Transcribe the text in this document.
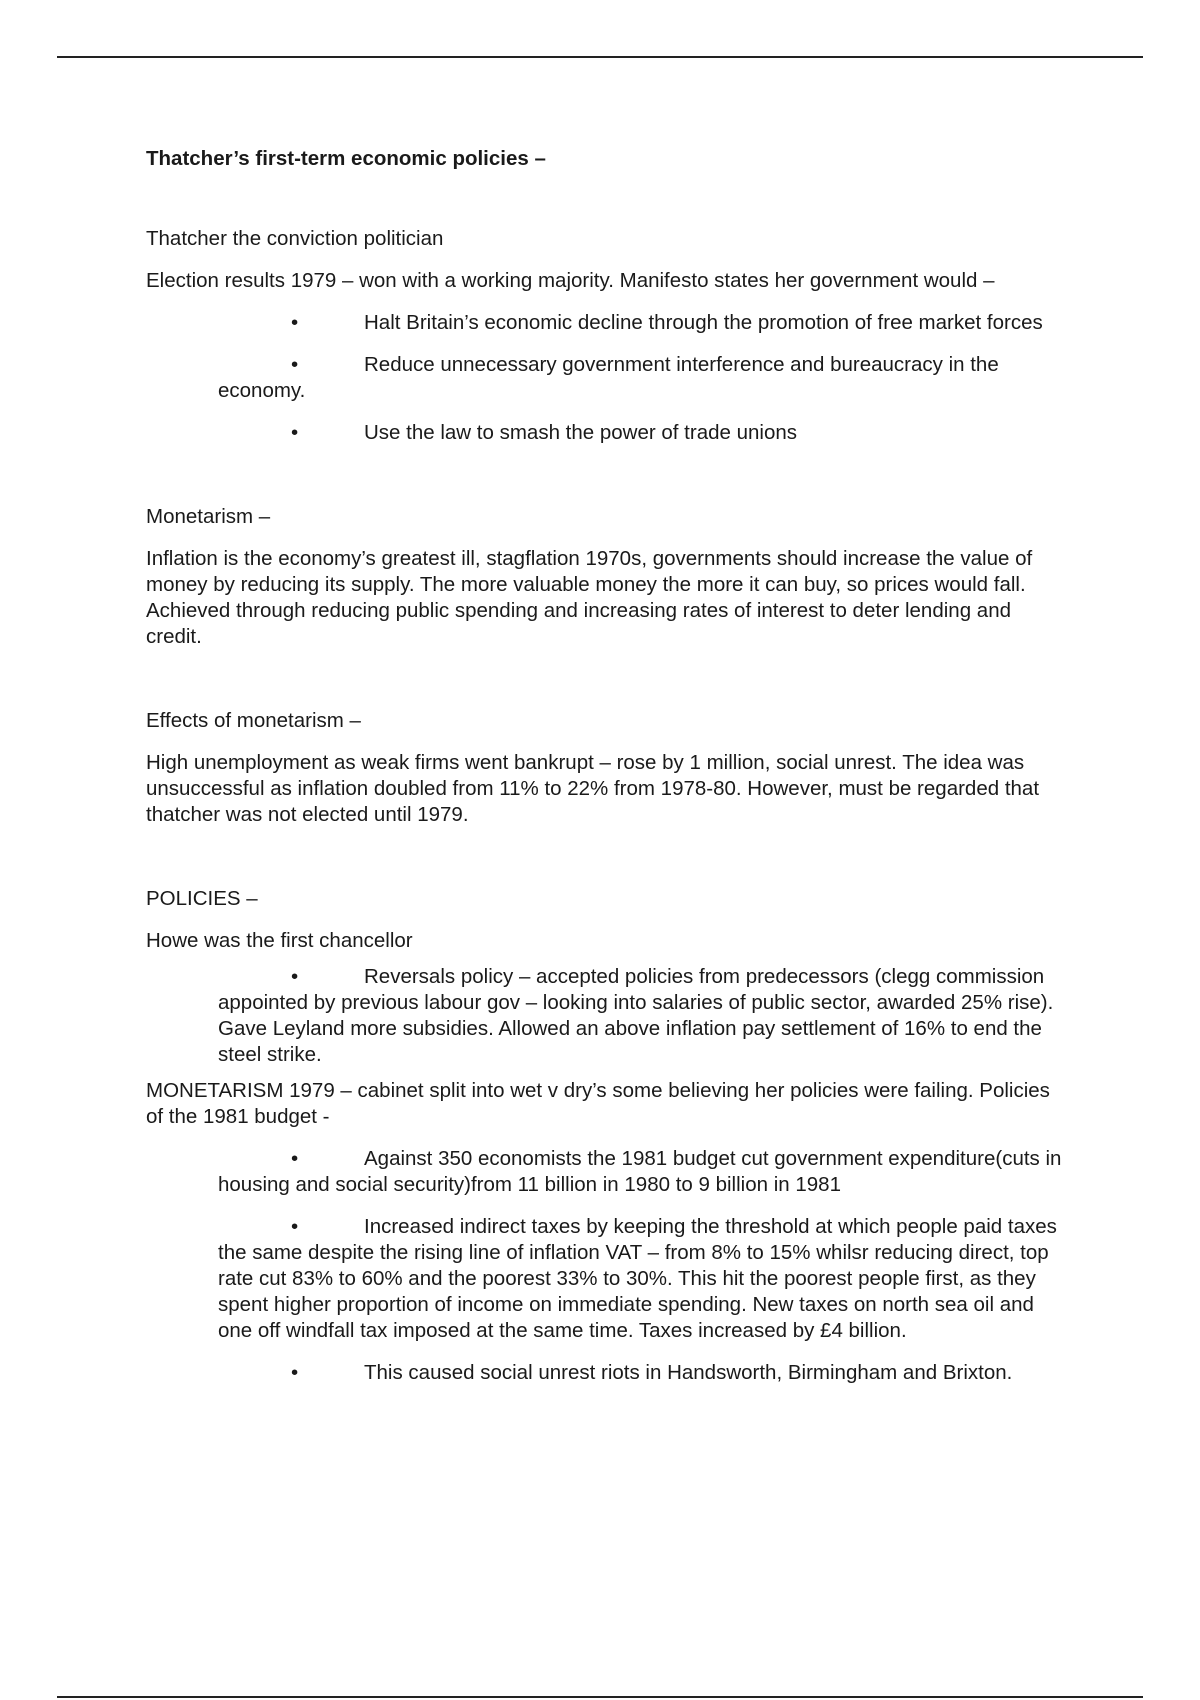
Thatcher’s first-term economic policies –
Thatcher the conviction politician
Election results 1979 – won with a working majority. Manifesto states her government would –
•	Halt Britain’s economic decline through the promotion of free market forces
•	Reduce unnecessary government interference and bureaucracy in the economy.
•	Use the law to smash the power of trade unions
Monetarism –
Inflation is the economy’s greatest ill, stagflation 1970s, governments should increase the value of money by reducing its supply. The more valuable money the more it can buy, so prices would fall. Achieved through reducing public spending and increasing rates of interest to deter lending and credit.
Effects of monetarism –
High unemployment as weak firms went bankrupt – rose by 1 million, social unrest. The idea was unsuccessful as inflation doubled from 11% to 22% from 1978-80. However, must be regarded that thatcher was not elected until 1979.
POLICIES –
Howe was the first chancellor
•	Reversals policy – accepted policies from predecessors (clegg commission appointed by previous labour gov – looking into salaries of public sector, awarded 25% rise). Gave Leyland more subsidies. Allowed an above inflation pay settlement of 16% to end the steel strike.
MONETARISM 1979 – cabinet split into wet v dry’s some believing her policies were failing. Policies of the 1981 budget -
•	Against 350 economists the 1981 budget cut government expenditure(cuts in housing and social security)from 11 billion in 1980 to 9 billion in 1981
•	Increased indirect taxes by keeping the threshold at which people paid taxes the same despite the rising line of inflation VAT – from 8% to 15% whilsr reducing direct, top rate cut 83% to 60% and the poorest 33% to 30%. This hit the poorest people first, as they spent higher proportion of income on immediate spending. New taxes on north sea oil and one off windfall tax imposed at the same time. Taxes increased by £4 billion.
•	This caused social unrest riots in Handsworth, Birmingham and Brixton.
